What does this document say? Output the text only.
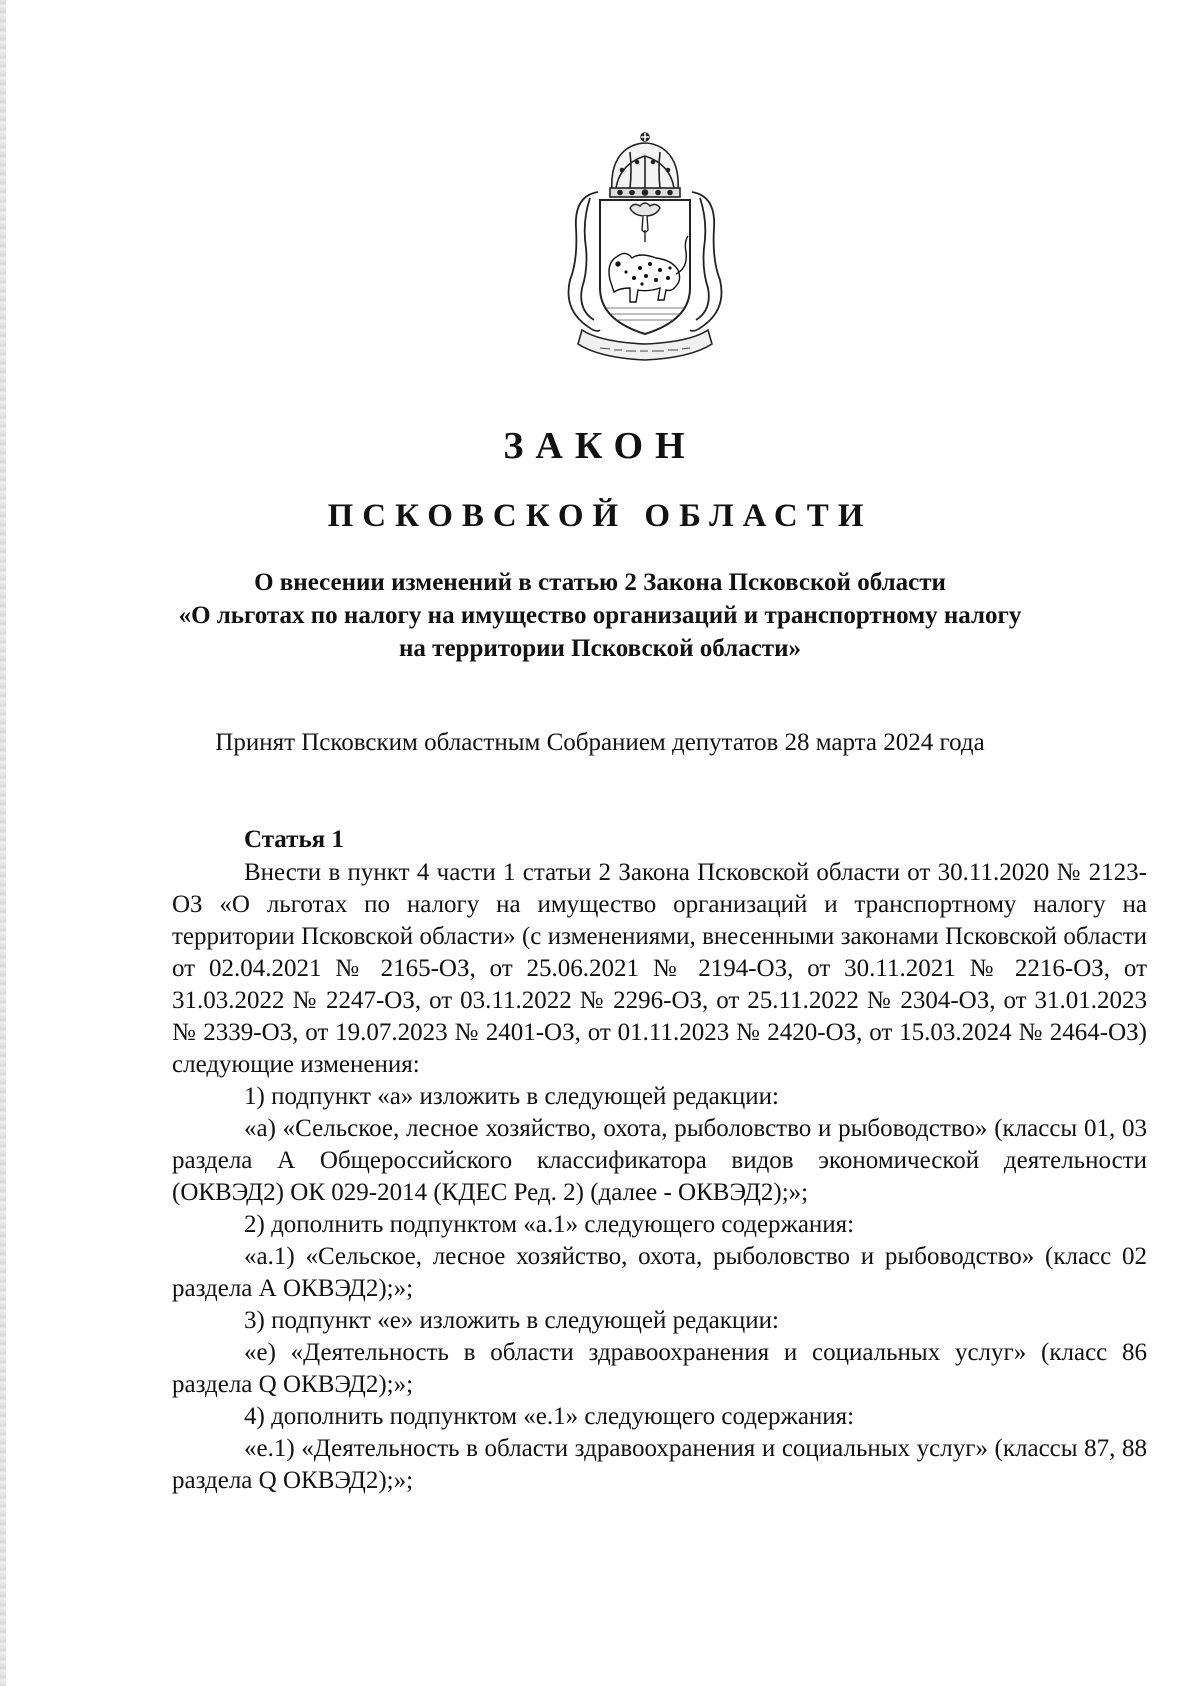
ЗАКОН
ПСКОВСКОЙ ОБЛАСТИ
О внесении изменений в статью 2 Закона Псковской области
«О льготах по налогу на имущество организаций и транспортному налогу
на территории Псковской области»
Принят Псковским областным Собранием депутатов 28 марта 2024 года
Статья 1

Внести в пункт 4 части 1 статьи 2 Закона Псковской области от 30.11.2020 № 2123-ОЗ «О льготах по налогу на имущество организаций и транспортному налогу на территории Псковской области» (с изменениями, внесенными законами Псковской области от 02.04.2021 № 2165-ОЗ, от 25.06.2021 № 2194-ОЗ, от 30.11.2021 № 2216-ОЗ, от 31.03.2022 № 2247-ОЗ, от 03.11.2022 № 2296-ОЗ, от 25.11.2022 № 2304-ОЗ, от 31.01.2023 № 2339-ОЗ, от 19.07.2023 № 2401-ОЗ, от 01.11.2023 № 2420-ОЗ, от 15.03.2024 № 2464-ОЗ) следующие изменения:

1) подпункт «а» изложить в следующей редакции:

«а) «Сельское, лесное хозяйство, охота, рыболовство и рыбоводство» (классы 01, 03 раздела А Общероссийского классификатора видов экономической деятельности (ОКВЭД2) ОК 029-2014 (КДЕС Ред. 2) (далее - ОКВЭД2);»;

2) дополнить подпунктом «а.1» следующего содержания:

«а.1) «Сельское, лесное хозяйство, охота, рыболовство и рыбоводство» (класс 02 раздела А ОКВЭД2);»;

3) подпункт «е» изложить в следующей редакции:

«е) «Деятельность в области здравоохранения и социальных услуг» (класс 86 раздела Q ОКВЭД2);»;

4) дополнить подпунктом «е.1» следующего содержания:

«е.1) «Деятельность в области здравоохранения и социальных услуг» (классы 87, 88 раздела Q ОКВЭД2);»;
